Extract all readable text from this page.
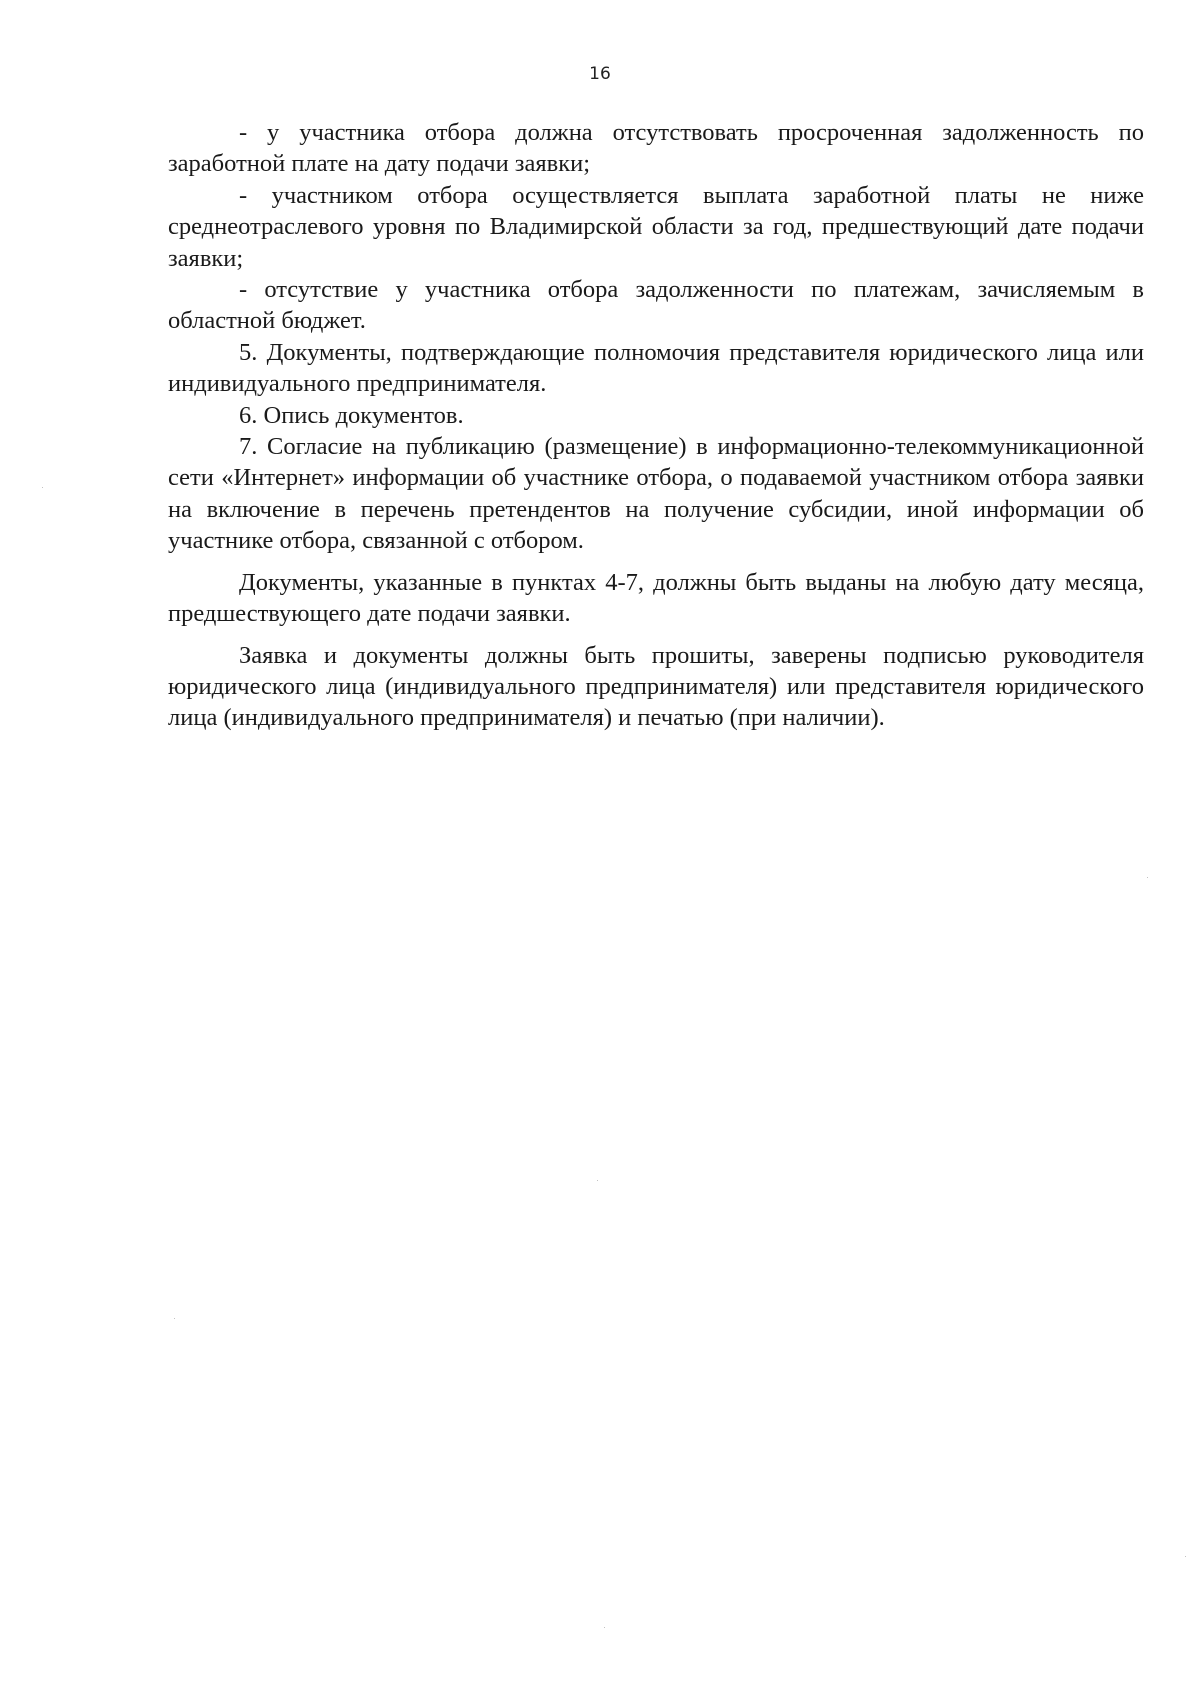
16

- у участника отбора должна отсутствовать просроченная задолженность по заработной плате на дату подачи заявки;

- участником отбора осуществляется выплата заработной платы не ниже среднеотраслевого уровня по Владимирской области за год, предшествующий дате подачи заявки;

- отсутствие у участника отбора задолженности по платежам, зачисляемым в областной бюджет.

5. Документы, подтверждающие полномочия представителя юридического лица или индивидуального предпринимателя.

6. Опись документов.

7. Согласие на публикацию (размещение) в информационно-телекоммуникационной сети «Интернет» информации об участнике отбора, о подаваемой участником отбора заявки на включение в перечень претендентов на получение субсидии, иной информации об участнике отбора, связанной с отбором.

Документы, указанные в пунктах 4-7, должны быть выданы на любую дату месяца, предшествующего дате подачи заявки.

Заявка и документы должны быть прошиты, заверены подписью руководителя юридического лица (индивидуального предпринимателя) или представителя юридического лица (индивидуального предпринимателя) и печатью (при наличии).
